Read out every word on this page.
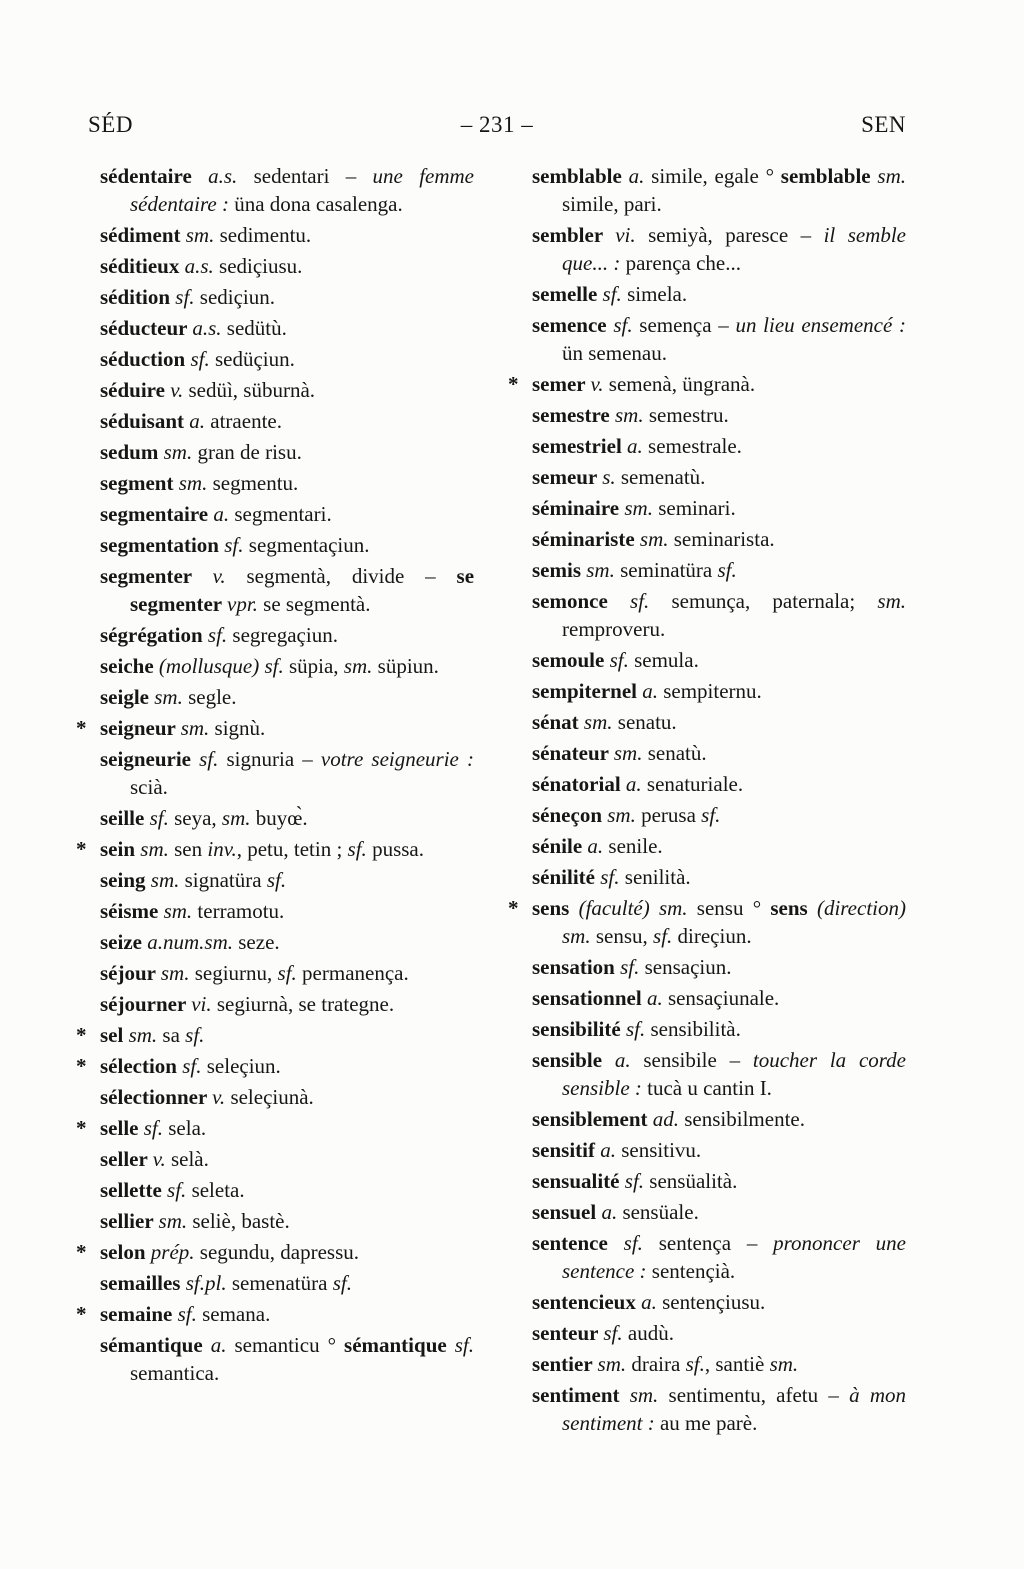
SÉD	– 231 –	SEN
sédentaire a.s. sedentari – une femme sédentaire : üna dona casalenga.
sédiment sm. sedimentu.
séditieux a.s. sediçiusu.
sédition sf. sediçiun.
séducteur a.s. sedütù.
séduction sf. sedüçiun.
séduire v. sedüì, süburnà.
séduisant a. atraente.
sedum sm. gran de risu.
segment sm. segmentu.
segmentaire a. segmentari.
segmentation sf. segmentaçiun.
segmenter v. segmentà, divide – se segmenter vpr. se segmentà.
ségrégation sf. segregaçiun.
seiche (mollusque) sf. süpia, sm. süpiun.
seigle sm. segle.
* seigneur sm. signù.
seigneurie sf. signuria – votre seigneurie : scià.
seille sf. seya, sm. buyœ̀.
* sein sm. sen inv., petu, tetin ; sf. pussa.
seing sm. signatüra sf.
séisme sm. terramotu.
seize a.num.sm. seze.
séjour sm. segiurnu, sf. permanença.
séjourner vi. segiurnà, se trategne.
* sel sm. sa sf.
* sélection sf. seleçiun.
sélectionner v. seleçiunà.
* selle sf. sela.
seller v. selà.
sellette sf. seleta.
sellier sm. seliè, bastè.
* selon prép. segundu, dapressu.
semailles sf.pl. semenatüra sf.
* semaine sf. semana.
sémantique a. semanticu ° sémantique sf. semantica.
semblable a. simile, egale ° semblable sm. simile, pari.
sembler vi. semiyà, paresce – il semble que... : parença che...
semelle sf. simela.
semence sf. semença – un lieu ensemencé : ün semenau.
* semer v. semenà, üngranà.
semestre sm. semestru.
semestriel a. semestrale.
semeur s. semenatù.
séminaire sm. seminari.
séminariste sm. seminarista.
semis sm. seminatüra sf.
semonce sf. semunça, paternala; sm. remproveru.
semoule sf. semula.
sempiternel a. sempiternu.
sénat sm. senatu.
sénateur sm. senatù.
sénatorial a. senaturiale.
séneçon sm. perusa sf.
sénile a. senile.
sénilité sf. senilità.
* sens (faculté) sm. sensu ° sens (direction) sm. sensu, sf. direçiun.
sensation sf. sensaçiun.
sensationnel a. sensaçiunale.
sensibilité sf. sensibilità.
sensible a. sensibile – toucher la corde sensible : tucà u cantin I.
sensiblement ad. sensibilmente.
sensitif a. sensitivu.
sensualité sf. sensüalità.
sensuel a. sensüale.
sentence sf. sentença – prononcer une sentence : sentençià.
sentencieux a. sentençiusu.
senteur sf. audù.
sentier sm. draira sf., santiè sm.
sentiment sm. sentimentu, afetu – à mon sentiment : au me parè.
